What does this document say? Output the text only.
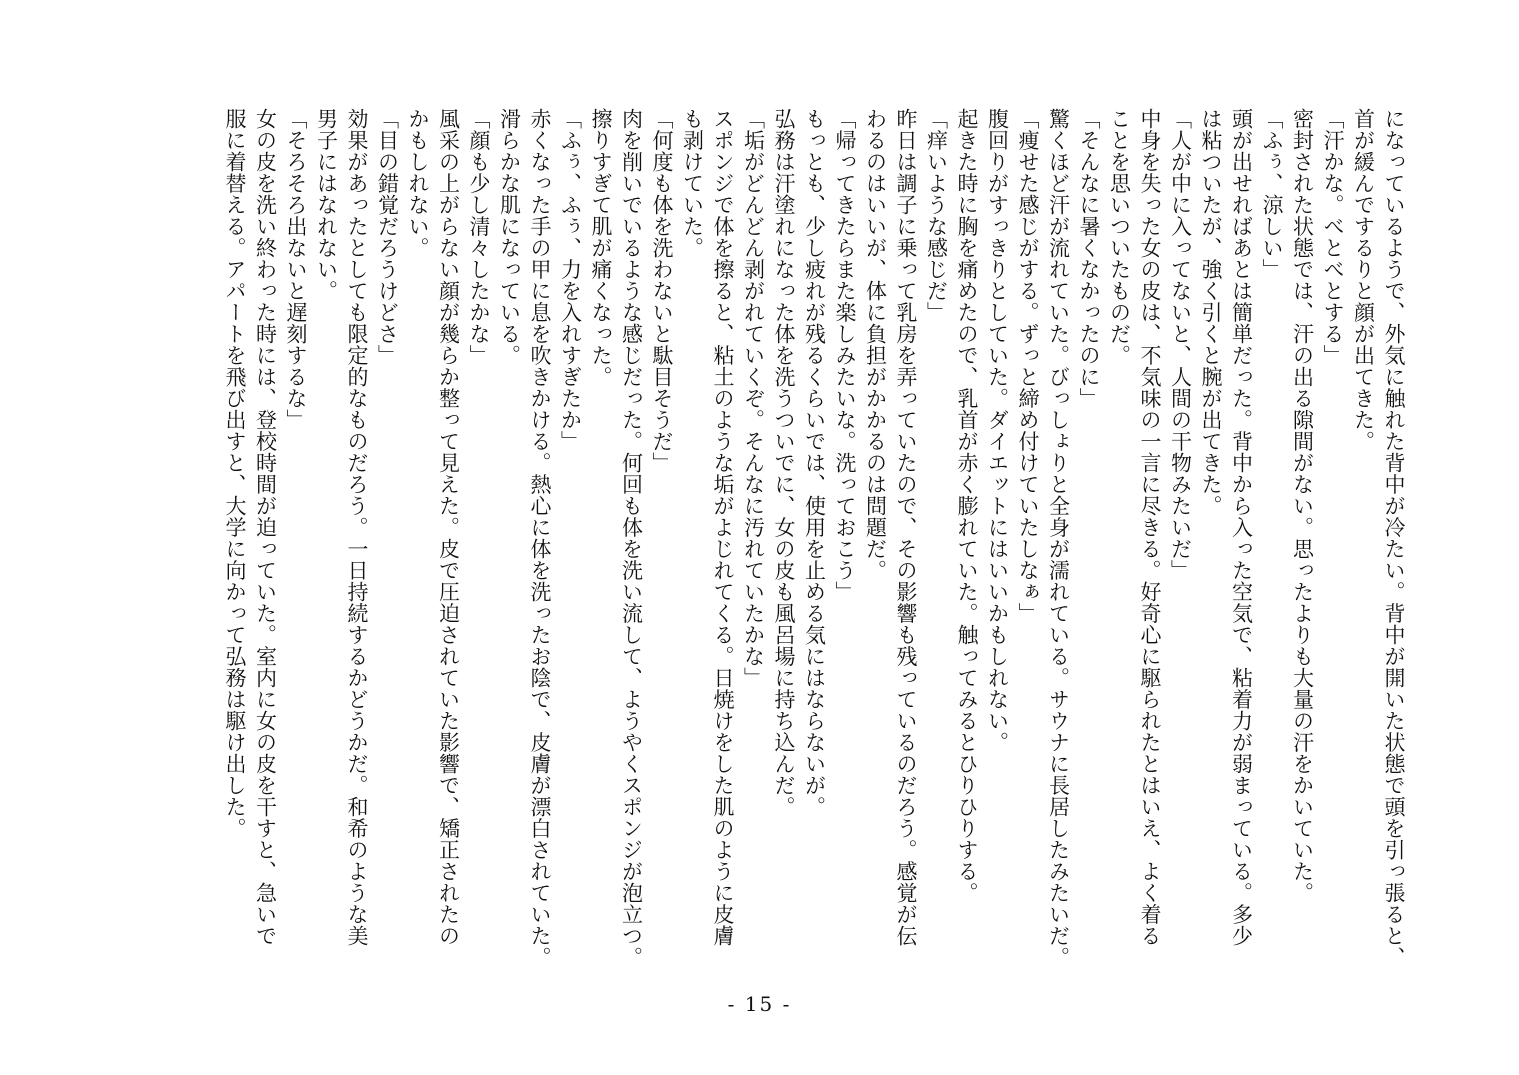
になっているようで、外気に触れた背中が冷たい。背中が開いた状態で頭を引っ張ると、
首が緩んでするりと顔が出てきた。
「汗かな。べとべとする」
密封された状態では、汗の出る隙間がない。思ったよりも大量の汗をかいていた。
「ふぅ、涼しい」
頭が出せればあとは簡単だった。背中から入った空気で、粘着力が弱まっている。多少
は粘ついたが、強く引くと腕が出てきた。
「人が中に入ってないと、人間の干物みたいだ」
中身を失った女の皮は、不気味の一言に尽きる。好奇心に駆られたとはいえ、よく着る
ことを思いついたものだ。
「そんなに暑くなかったのに」
驚くほど汗が流れていた。びっしょりと全身が濡れている。サウナに長居したみたいだ。
「痩せた感じがする。ずっと締め付けていたしなぁ」
腹回りがすっきりとしていた。ダイエットにはいいかもしれない。
起きた時に胸を痛めたので、乳首が赤く膨れていた。触ってみるとひりひりする。
「痒いような感じだ」
昨日は調子に乗って乳房を弄っていたので、その影響も残っているのだろう。感覚が伝
わるのはいいが、体に負担がかかるのは問題だ。
「帰ってきたらまた楽しみたいな。洗っておこう」
もっとも、少し疲れが残るくらいでは、使用を止める気にはならないが。
弘務は汗塗れになった体を洗うついでに、女の皮も風呂場に持ち込んだ。
「垢がどんどん剥がれていくぞ。そんなに汚れていたかな」
スポンジで体を擦ると、粘土のような垢がよじれてくる。日焼けをした肌のように皮膚
も剥けていた。
「何度も体を洗わないと駄目そうだ」
肉を削いでいるような感じだった。何回も体を洗い流して、ようやくスポンジが泡立つ。
擦りすぎて肌が痛くなった。
「ふぅ、ふぅ、力を入れすぎたか」
赤くなった手の甲に息を吹きかける。熱心に体を洗ったお陰で、皮膚が漂白されていた。
滑らかな肌になっている。
「顔も少し清々したかな」
風采の上がらない顔が幾らか整って見えた。皮で圧迫されていた影響で、矯正されたの
かもしれない。
「目の錯覚だろうけどさ」
効果があったとしても限定的なものだろう。一日持続するかどうかだ。和希のような美
男子にはなれない。
「そろそろ出ないと遅刻するな」
女の皮を洗い終わった時には、登校時間が迫っていた。室内に女の皮を干すと、急いで
服に着替える。アパートを飛び出すと、大学に向かって弘務は駆け出した。
- 15 -
